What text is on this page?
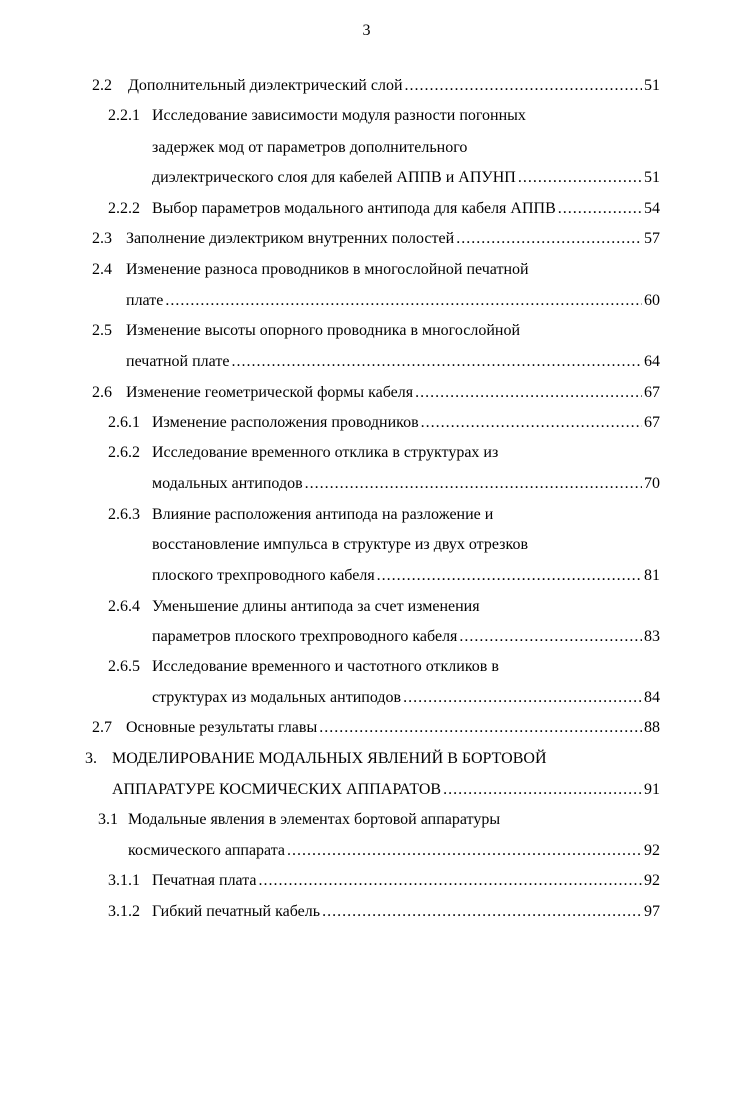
3
2.2	Дополнительный диэлектрический слой .....	51
2.2.1 Исследование зависимости модуля разности погонных
задержек мод от параметров дополнительного
диэлектрического слоя для кабелей АППВ и АПУНП .....	51
2.2.2 Выбор параметров модального антипода для кабеля АППВ .....	54
2.3 Заполнение диэлектриком внутренних полостей .....	57
2.4 Изменение разноса проводников в многослойной печатной
плате .....	60
2.5 Изменение высоты опорного проводника в многослойной
печатной плате .....	64
2.6 Изменение геометрической формы кабеля .....	67
2.6.1 Изменение расположения проводников .....	67
2.6.2 Исследование временного отклика в структурах из
модальных антиподов .....	70
2.6.3 Влияние расположения антипода на разложение и
восстановление импульса в структуре из двух отрезков
плоского трехпроводного кабеля .....	81
2.6.4 Уменьшение длины антипода за счет изменения
параметров плоского трехпроводного кабеля .....	83
2.6.5 Исследование временного и частотного откликов в
структурах из модальных антиподов .....	84
2.7 Основные результаты главы .....	88
3. МОДЕЛИРОВАНИЕ МОДАЛЬНЫХ ЯВЛЕНИЙ В БОРТОВОЙ
АППАРАТУРЕ КОСМИЧЕСКИХ АППАРАТОВ .....	91
3.1 Модальные явления в элементах бортовой аппаратуры
космического аппарата .....	92
3.1.1 Печатная плата .....	92
3.1.2 Гибкий печатный кабель .....	97
